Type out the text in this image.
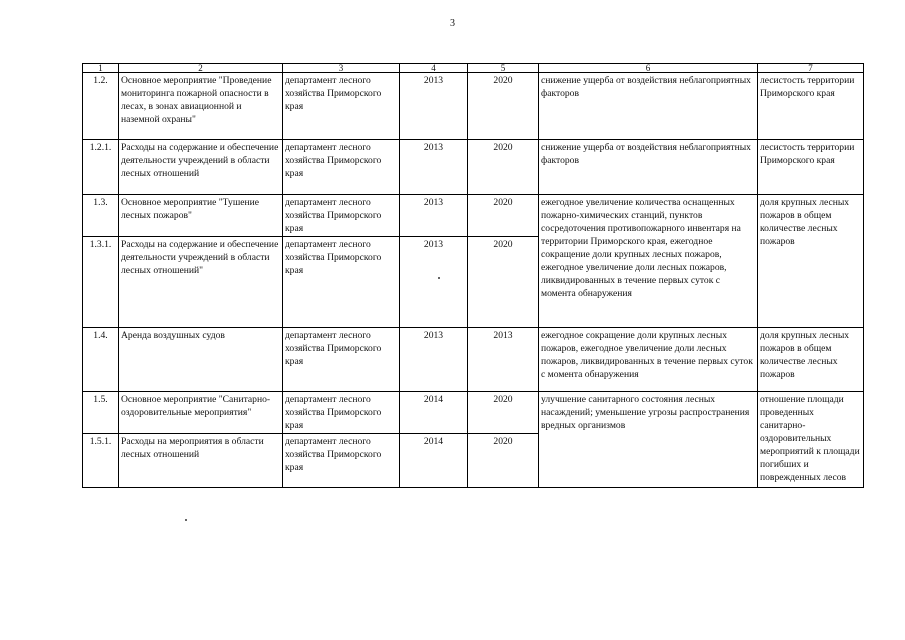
3
1	2	3	4	5	6	7
1.2.	Основное мероприятие "Проведение мониторинга пожарной опасности в лесах, в зонах авиационной и наземной охраны"	департамент лесного хозяйства Приморского края	2013	2020	снижение ущерба от воздействия неблагоприятных факторов	лесистость территории Приморского края
1.2.1.	Расходы на содержание и обеспечение деятельности учреждений в области лесных отношений	департамент лесного хозяйства Приморского края	2013	2020	снижение ущерба от воздействия неблагоприятных факторов	лесистость территории Приморского края
1.3.	Основное мероприятие "Тушение лесных пожаров"	департамент лесного хозяйства Приморского края	2013	2020	ежегодное увеличение количества оснащенных пожарно-химических станций, пунктов сосредоточения противопожарного инвентаря на территории Приморского края, ежегодное сокращение доли крупных лесных пожаров, ежегодное увеличение доли лесных пожаров, ликвидированных в течение первых суток с момента обнаружения	доля крупных лесных пожаров в общем количестве лесных пожаров
1.3.1.	Расходы на содержание и обеспечение деятельности учреждений в области лесных отношений"	департамент лесного хозяйства Приморского края	2013	2020		
1.4.	Аренда воздушных судов	департамент лесного хозяйства Приморского края	2013	2013	ежегодное сокращение доли крупных лесных пожаров, ежегодное увеличение доли лесных пожаров, ликвидированных в течение первых суток с момента обнаружения	доля крупных лесных пожаров в общем количестве лесных пожаров
1.5.	Основное мероприятие "Санитарно-оздоровительные мероприятия"	департамент лесного хозяйства Приморского края	2014	2020	улучшение санитарного состояния лесных насаждений; уменьшение угрозы распространения вредных организмов	отношение площади проведенных санитарно-оздоровительных мероприятий к площади погибших и поврежденных лесов
1.5.1.	Расходы на мероприятия в области лесных отношений	департамент лесного хозяйства Приморского края	2014	2020		
